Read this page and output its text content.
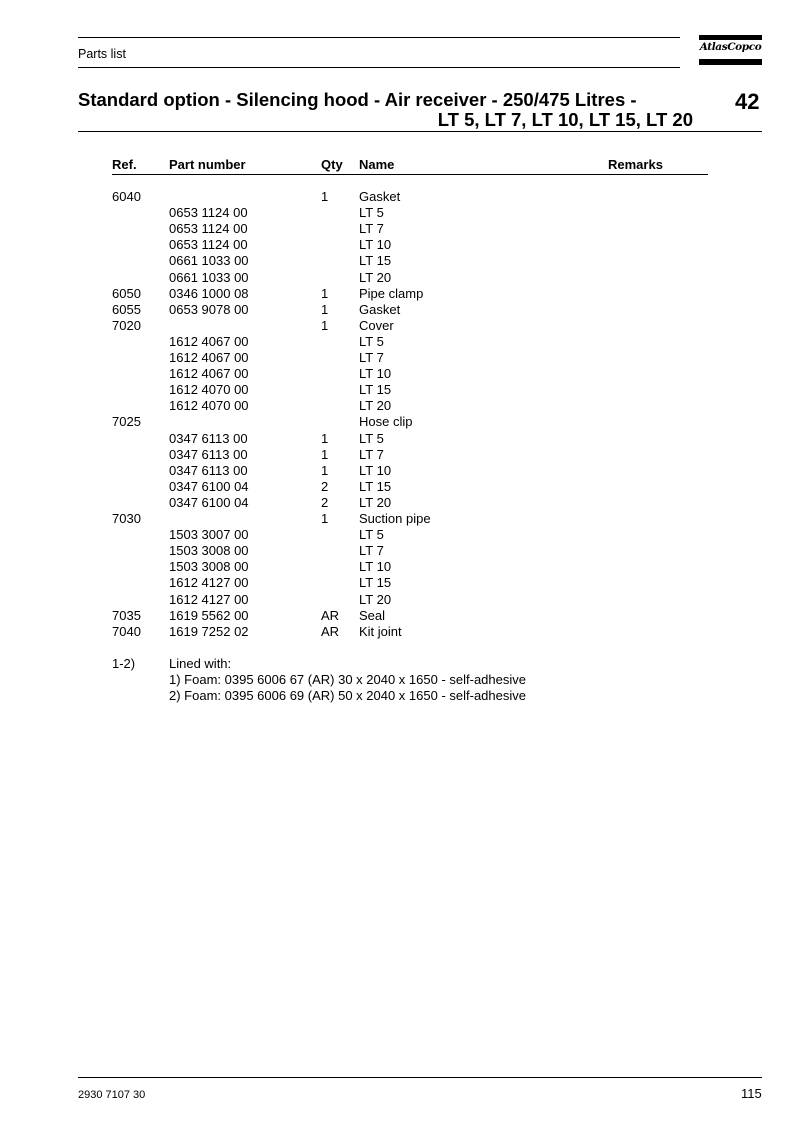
Parts list	AtlasCopco
Standard option - Silencing hood - Air receiver - 250/475 Litres -
LT 5, LT 7, LT 10, LT 15, LT 20
42
Ref. Part number	Qty Name	Remarks
6040	1 Gasket
0653 1124 00	LT 5
0653 1124 00	LT 7
0653 1124 00	LT 10
0661 1033 00	LT 15
0661 1033 00	LT 20
6050 0346 1000 08	1 Pipe clamp
6055 0653 9078 00	1 Gasket
7020	1 Cover
1612 4067 00	LT 5
1612 4067 00	LT 7
1612 4067 00	LT 10
1612 4070 00	LT 15
1612 4070 00	LT 20
7025	Hose clip
0347 6113 00	1 LT 5
0347 6113 00	1 LT 7
0347 6113 00	1 LT 10
0347 6100 04	2 LT 15
0347 6100 04	2 LT 20
7030	1 Suction pipe
1503 3007 00	LT 5
1503 3008 00	LT 7
1503 3008 00	LT 10
1612 4127 00	LT 15
1612 4127 00	LT 20
7035 1619 5562 00	AR Seal
7040 1619 7252 02	AR Kit joint
1-2)	Lined with:
1) Foam: 0395 6006 67 (AR) 30 x 2040 x 1650 - self-adhesive
2) Foam: 0395 6006 69 (AR) 50 x 2040 x 1650 - self-adhesive
2930 7107 30	115
